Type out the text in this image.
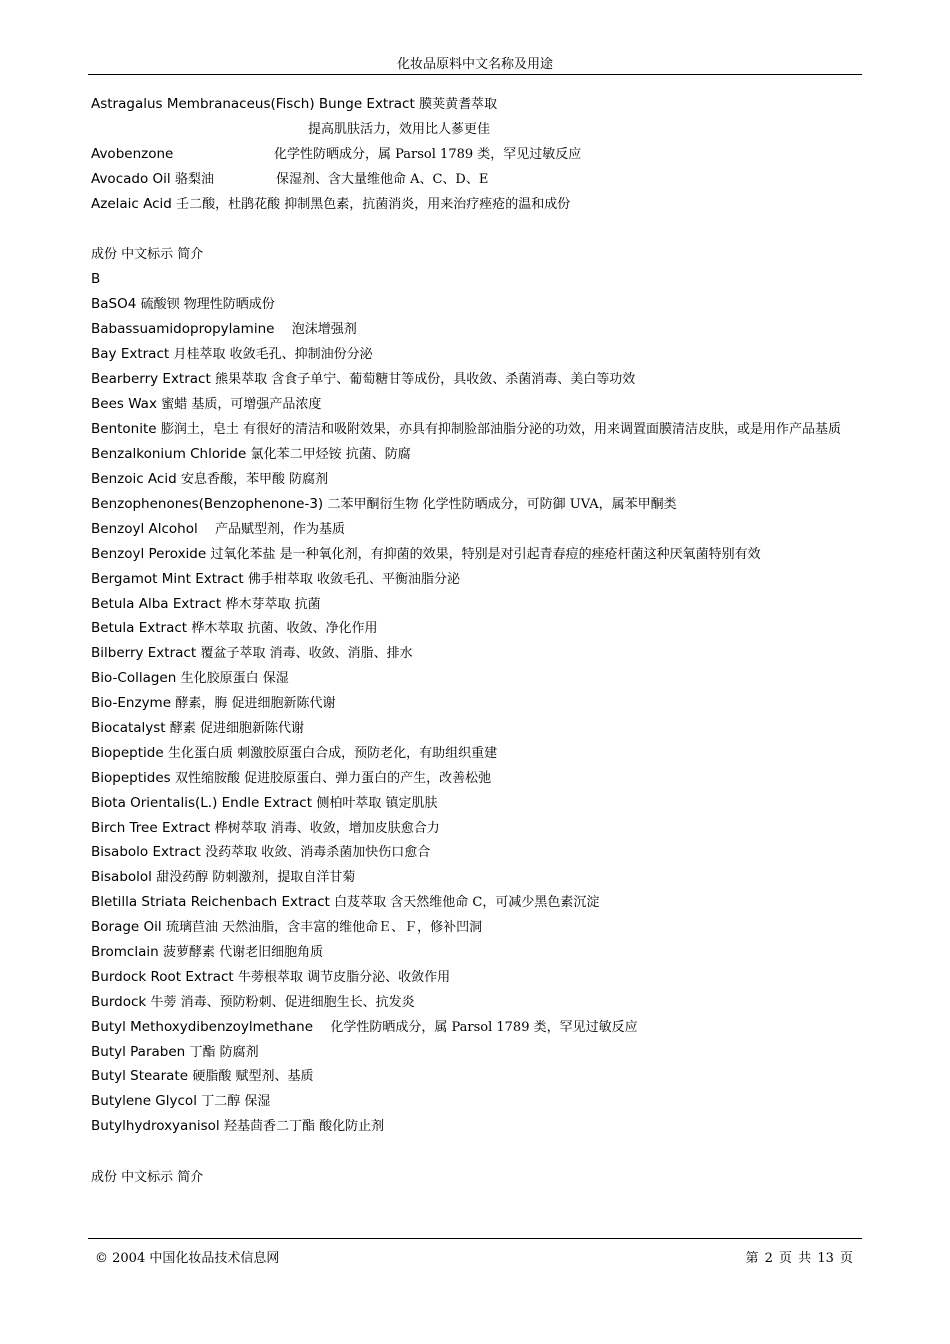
化妆品原料中文名称及用途
Astragalus Membranaceus(Fisch) Bunge Extract 膜荚黄耆萃取
提高肌肤活力，效用比人蔘更佳
Avobenzone	化学性防晒成分，属 Parsol 1789 类，罕见过敏反应
Avocado Oil 骆梨油	保湿剂、含大量维他命 A、C、D、E
Azelaic Acid 壬二酸，杜鹃花酸 抑制黑色素，抗菌消炎，用来治疗痤疮的温和成份
成份 中文标示 简介
B
BaSO4 硫酸钡 物理性防晒成份
Babassuamidopropylamine 　泡沫增强剂
Bay Extract 月桂萃取 收敛毛孔、抑制油份分泌
Bearberry Extract 熊果萃取 含食子单宁、葡萄糖甘等成份，具收敛、杀菌消毒、美白等功效
Bees Wax 蜜蜡 基质，可增强产品浓度
Bentonite 膨润土，皂土 有很好的清洁和吸附效果，亦具有抑制脸部油脂分泌的功效，用来调置面膜清洁皮肤，或是用作产品基质
Benzalkonium Chloride 氯化苯二甲烃铵 抗菌、防腐
Benzoic Acid 安息香酸，苯甲酸 防腐剂
Benzophenones(Benzophenone-3) 二苯甲酮衍生物 化学性防晒成分，可防御 UVA，属苯甲酮类
Benzoyl Alcohol 　产品赋型剂，作为基质
Benzoyl Peroxide 过氧化苯盐 是一种氧化剂，有抑菌的效果，特别是对引起青春痘的痤疮杆菌这种厌氧菌特别有效
Bergamot Mint Extract 佛手柑萃取 收敛毛孔、平衡油脂分泌
Betula Alba Extract 桦木芽萃取 抗菌
Betula Extract 桦木萃取 抗菌、收敛、净化作用
Bilberry Extract 覆盆子萃取 消毒、收敛、消脂、排水
Bio-Collagen 生化胶原蛋白 保湿
Bio-Enzyme 酵素，脢 促进细胞新陈代谢
Biocatalyst 酵素 促进细胞新陈代谢
Biopeptide 生化蛋白质 刺激胶原蛋白合成，预防老化，有助组织重建
Biopeptides 双性缩胺酸 促进胶原蛋白、弹力蛋白的产生，改善松弛
Biota Orientalis(L.) Endle Extract 侧柏叶萃取 镇定肌肤
Birch Tree Extract 桦树萃取 消毒、收敛，增加皮肤愈合力
Bisabolo Extract 没药萃取 收敛、消毒杀菌加快伤口愈合
Bisabolol 甜没药醇 防刺激剂，提取自洋甘菊
Bletilla Striata Reichenbach Extract 白芨萃取 含天然维他命 C，可减少黑色素沉淀
Borage Oil 琉璃苣油 天然油脂，含丰富的维他命Ｅ、Ｆ，修补凹洞
Bromclain 菠萝酵素 代谢老旧细胞角质
Burdock Root Extract 牛蒡根萃取 调节皮脂分泌、收敛作用
Burdock 牛蒡 消毒、预防粉刺、促进细胞生长、抗发炎
Butyl Methoxydibenzoylmethane 　化学性防晒成分，属 Parsol 1789 类，罕见过敏反应
Butyl Paraben 丁酯 防腐剂
Butyl Stearate 硬脂酸 赋型剂、基质
Butylene Glycol 丁二醇 保湿
Butylhydroxyanisol 羟基茴香二丁酯 酸化防止剂
成份 中文标示 简介
© 2004 中国化妆品技术信息网	第 2 页 共 13 页
